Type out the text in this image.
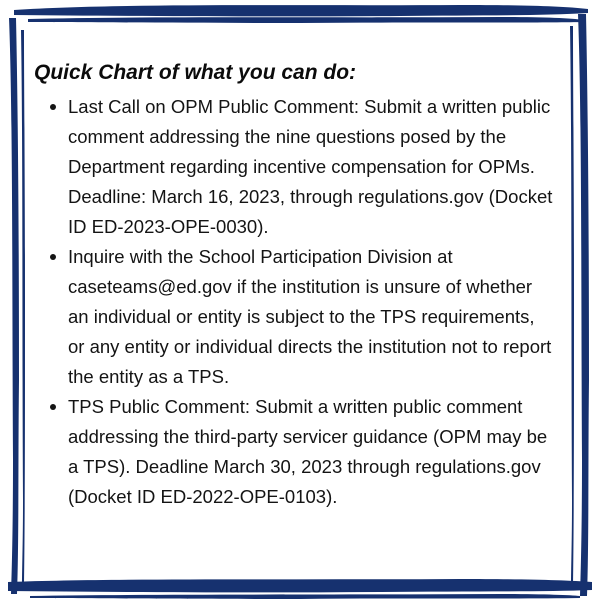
Quick Chart of what you can do:
Last Call on OPM Public Comment: Submit a written public comment addressing the nine questions posed by the Department regarding incentive compensation for OPMs. Deadline: March 16, 2023, through regulations.gov (Docket ID ED-2023-OPE-0030).
Inquire with the School Participation Division at caseteams@ed.gov if the institution is unsure of whether an individual or entity is subject to the TPS requirements, or any entity or individual directs the institution not to report the entity as a TPS.
TPS Public Comment: Submit a written public comment addressing the third-party servicer guidance (OPM may be a TPS). Deadline March 30, 2023 through regulations.gov (Docket ID ED-2022-OPE-0103).
